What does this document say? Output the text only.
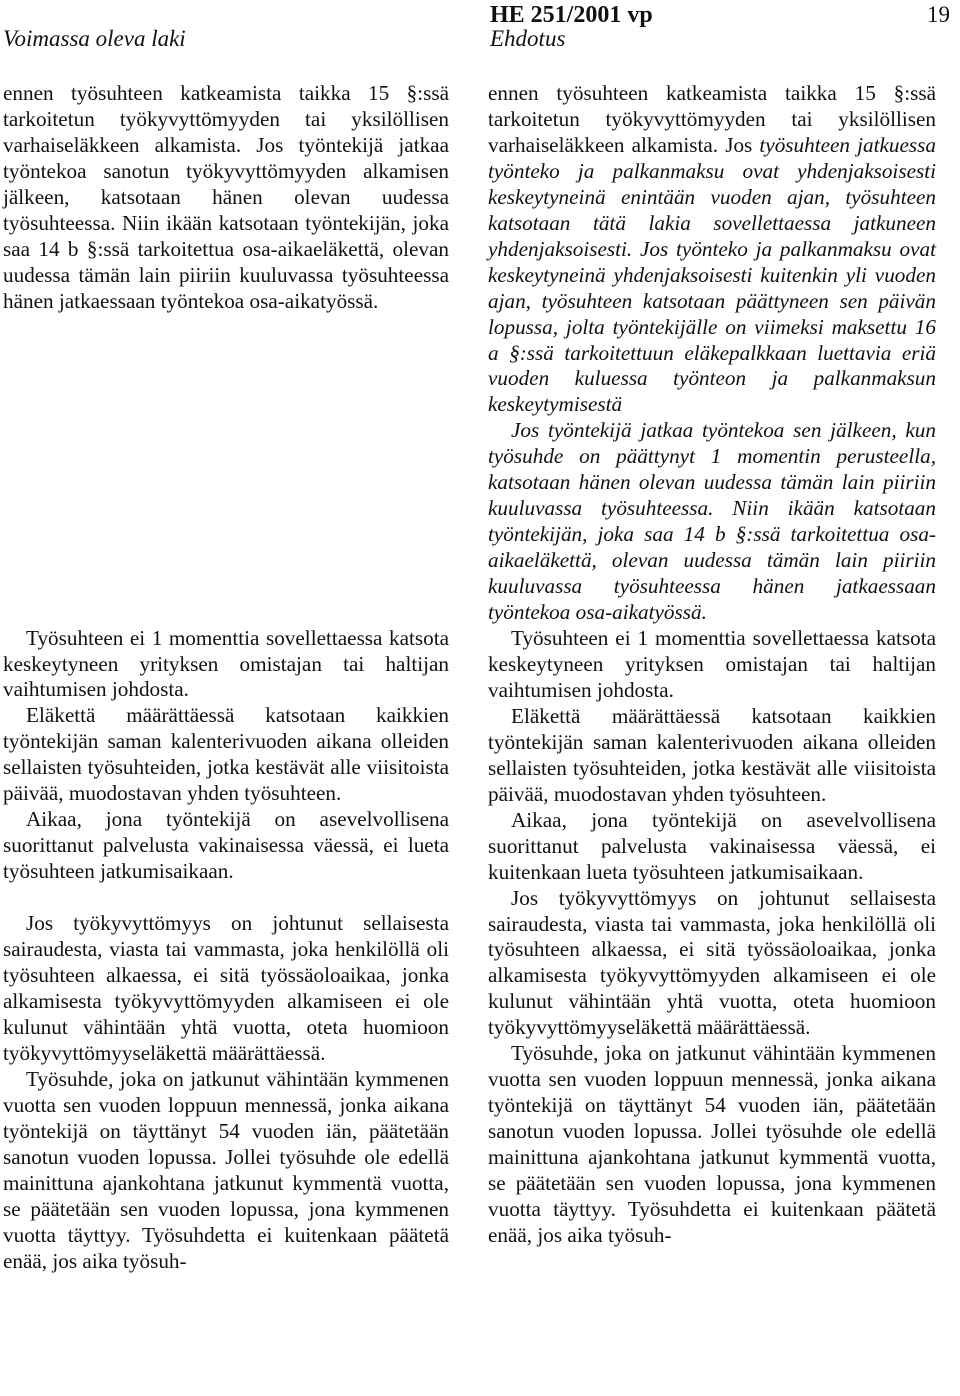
Voimassa oleva laki
HE 251/2001 vp
Ehdotus
19

ennen työsuhteen katkeamista taikka 15 §:ssä tarkoitetun työkyvyttömyyden tai yksilöllisen varhaiseläkkeen alkamista. Jos työntekijä jatkaa työntekoa sanotun työkyvyttömyyden alkamisen jälkeen, katsotaan hänen olevan uudessa työsuhteessa. Niin ikään katsotaan työntekijän, joka saa 14 b §:ssä tarkoitettua osa-aikaeläkettä, olevan uudessa tämän lain piiriin kuuluvassa työsuhteessa hänen jatkaessaan työntekoa osa-aikatyössä.

Työsuhteen ei 1 momenttia sovellettaessa katsota keskeytyneen yrityksen omistajan tai haltijan vaihtumisen johdosta.

Eläkettä määrättäessä katsotaan kaikkien työntekijän saman kalenterivuoden aikana olleiden sellaisten työsuhteiden, jotka kestävät alle viisitoista päivää, muodostavan yhden työsuhteen.

Aikaa, jona työntekijä on asevelvollisena suorittanut palvelusta vakinaisessa väessä, ei lueta työsuhteen jatkumisaikaan.

Jos työkyvyttömyys on johtunut sellaisesta sairaudesta, viasta tai vammasta, joka henkilöllä oli työsuhteen alkaessa, ei sitä työssäoloaikaa, jonka alkamisesta työkyvyttömyyden alkamiseen ei ole kulunut vähintään yhtä vuotta, oteta huomioon työkyvyttömyyseläkettä määrättäessä.

Työsuhde, joka on jatkunut vähintään kymmenen vuotta sen vuoden loppuun mennessä, jonka aikana työntekijä on täyttänyt 54 vuoden iän, päätetään sanotun vuoden lopussa. Jollei työsuhde ole edellä mainittuna ajankohtana jatkunut kymmentä vuotta, se päätetään sen vuoden lopussa, jona kymmenen vuotta täyttyy. Työsuhdetta ei kuitenkaan päätetä enää, jos aika työsuh-

ennen työsuhteen katkeamista taikka 15 §:ssä tarkoitetun työkyvyttömyyden tai yksilöllisen varhaiseläkkeen alkamista. Jos työsuhteen jatkuessa työnteko ja palkanmaksu ovat yhdenjaksoisesti keskeytyneinä enintään vuoden ajan, työsuhteen katsotaan tätä lakia sovellettaessa jatkuneen yhdenjaksoisesti. Jos työnteko ja palkanmaksu ovat keskeytyneinä yhdenjaksoisesti kuitenkin yli vuoden ajan, työsuhteen katsotaan päättyneen sen päivän lopussa, jolta työntekijälle on viimeksi maksettu 16 a §:ssä tarkoitettuun eläkepalkkaan luettavia eriä vuoden kuluessa työnteon ja palkanmaksun keskeytymisestä

Jos työntekijä jatkaa työntekoa sen jälkeen, kun työsuhde on päättynyt 1 momentin perusteella, katsotaan hänen olevan uudessa tämän lain piiriin kuuluvassa työsuhteessa. Niin ikään katsotaan työntekijän, joka saa 14 b §:ssä tarkoitettua osa-aikaeläkettä, olevan uudessa tämän lain piiriin kuuluvassa työsuhteessa hänen jatkaessaan työntekoa osa-aikatyössä.

Työsuhteen ei 1 momenttia sovellettaessa katsota keskeytyneen yrityksen omistajan tai haltijan vaihtumisen johdosta.

Eläkettä määrättäessä katsotaan kaikkien työntekijän saman kalenterivuoden aikana olleiden sellaisten työsuhteiden, jotka kestävät alle viisitoista päivää, muodostavan yhden työsuhteen.

Aikaa, jona työntekijä on asevelvollisena suorittanut palvelusta vakinaisessa väessä, ei kuitenkaan lueta työsuhteen jatkumisaikaan.

Jos työkyvyttömyys on johtunut sellaisesta sairaudesta, viasta tai vammasta, joka henkilöllä oli työsuhteen alkaessa, ei sitä työssäoloaikaa, jonka alkamisesta työkyvyttömyyden alkamiseen ei ole kulunut vähintään yhtä vuotta, oteta huomioon työkyvyttömyyseläkettä määrättäessä.

Työsuhde, joka on jatkunut vähintään kymmenen vuotta sen vuoden loppuun mennessä, jonka aikana työntekijä on täyttänyt 54 vuoden iän, päätetään sanotun vuoden lopussa. Jollei työsuhde ole edellä mainittuna ajankohtana jatkunut kymmentä vuotta, se päätetään sen vuoden lopussa, jona kymmenen vuotta täyttyy. Työsuhdetta ei kuitenkaan päätetä enää, jos aika työsuh-
